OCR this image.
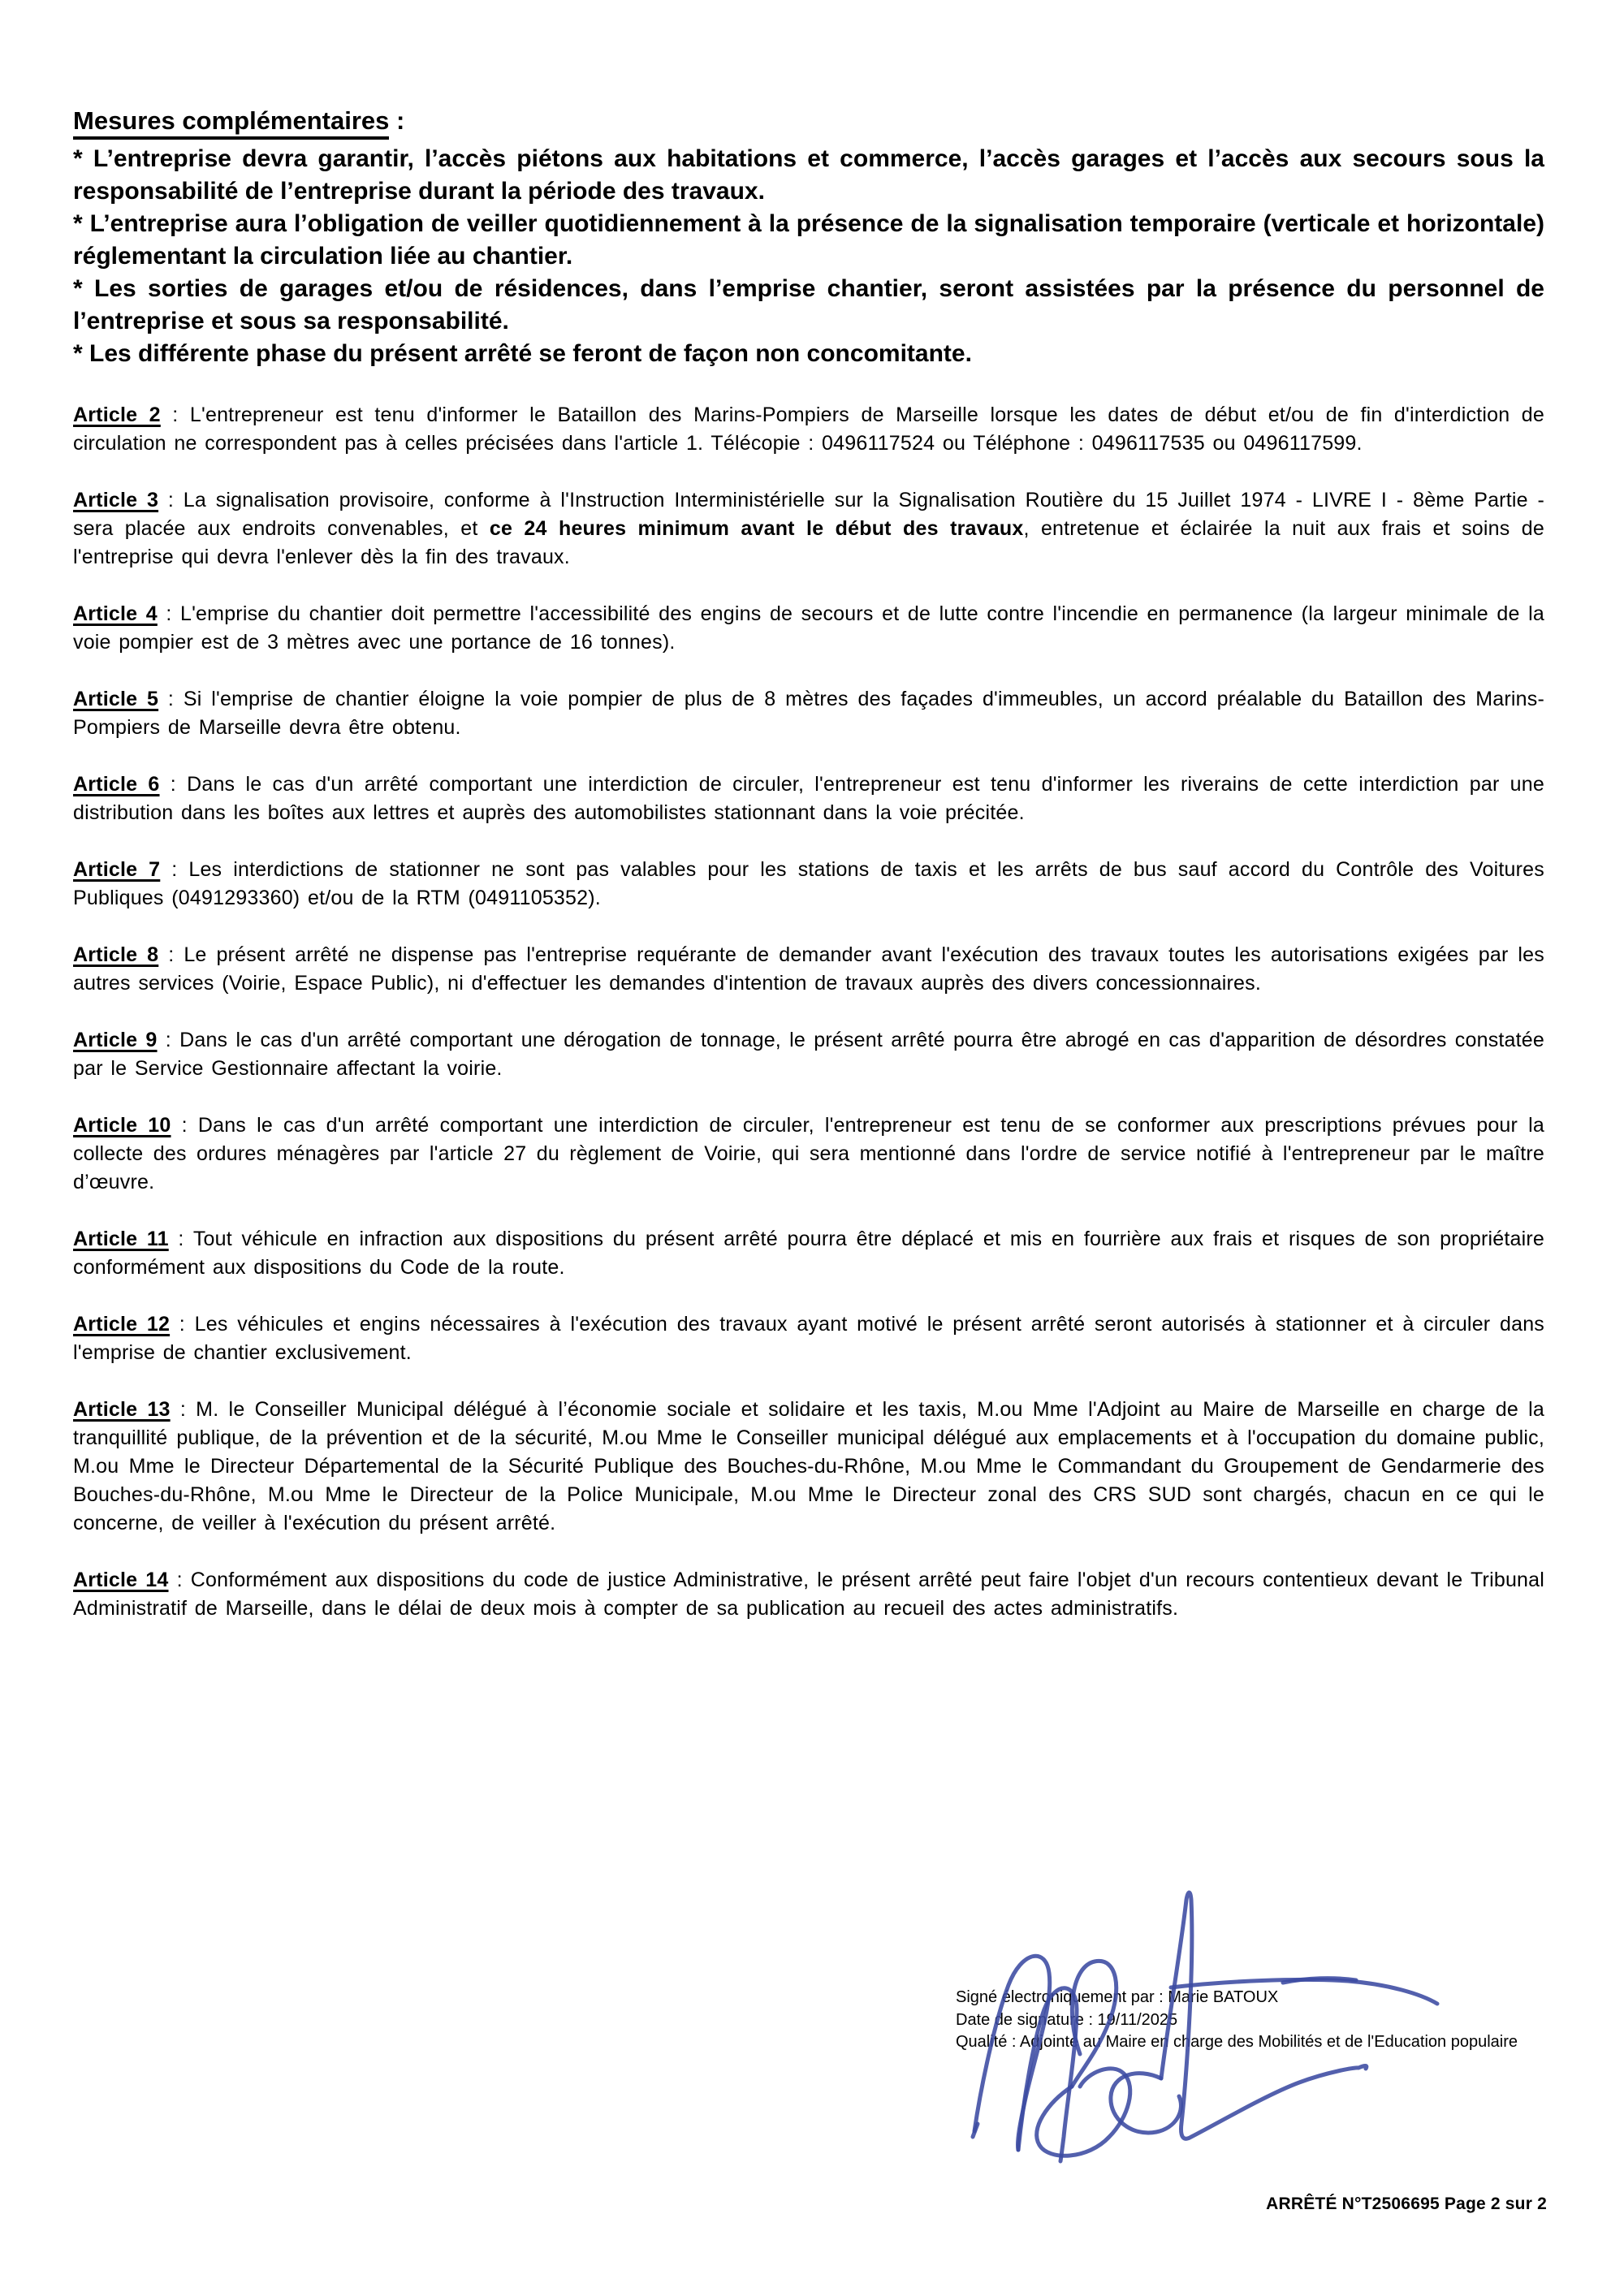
Mesures complémentaires :

* L’entreprise devra garantir, l’accès piétons aux habitations et commerce, l’accès garages et l’accès aux secours sous la responsabilité de l’entreprise durant la période des travaux.

* L’entreprise aura l’obligation de veiller quotidiennement à la présence de la signalisation temporaire (verticale et horizontale) réglementant la circulation liée au chantier.

* Les sorties de garages et/ou de résidences, dans l’emprise chantier, seront assistées par la présence du personnel de l’entreprise et sous sa responsabilité.

* Les différente phase du présent arrêté se feront de façon non concomitante.

Article 2 : L'entrepreneur est tenu d'informer le Bataillon des Marins-Pompiers de Marseille lorsque les dates de début et/ou de fin d'interdiction de circulation ne correspondent pas à celles précisées dans l'article 1. Télécopie : 0496117524 ou Téléphone : 0496117535 ou 0496117599.

Article 3 : La signalisation provisoire, conforme à l'Instruction Interministérielle sur la Signalisation Routière du 15 Juillet 1974 - LIVRE I - 8ème Partie - sera placée aux endroits convenables, et ce 24 heures minimum avant le début des travaux, entretenue et éclairée la nuit aux frais et soins de l'entreprise qui devra l'enlever dès la fin des travaux.

Article 4 : L'emprise du chantier doit permettre l'accessibilité des engins de secours et de lutte contre l'incendie en permanence (la largeur minimale de la voie pompier est de 3 mètres avec une portance de 16 tonnes).

Article 5 : Si l'emprise de chantier éloigne la voie pompier de plus de 8 mètres des façades d'immeubles, un accord préalable du Bataillon des Marins-Pompiers de Marseille devra être obtenu.

Article 6 : Dans le cas d'un arrêté comportant une interdiction de circuler, l'entrepreneur est tenu d'informer les riverains de cette interdiction par une distribution dans les boîtes aux lettres et auprès des automobilistes stationnant dans la voie précitée.

Article 7 : Les interdictions de stationner ne sont pas valables pour les stations de taxis et les arrêts de bus sauf accord du Contrôle des Voitures Publiques (0491293360) et/ou de la RTM (0491105352).

Article 8 : Le présent arrêté ne dispense pas l'entreprise requérante de demander avant l'exécution des travaux toutes les autorisations exigées par les autres services (Voirie, Espace Public), ni d'effectuer les demandes d'intention de travaux auprès des divers concessionnaires.

Article 9 : Dans le cas d'un arrêté comportant une dérogation de tonnage, le présent arrêté pourra être abrogé en cas d'apparition de désordres constatée par le Service Gestionnaire affectant la voirie.

Article 10 : Dans le cas d'un arrêté comportant une interdiction de circuler, l'entrepreneur est tenu de se conformer aux prescriptions prévues pour la collecte des ordures ménagères par l'article 27 du règlement de Voirie, qui sera mentionné dans l'ordre de service notifié à l'entrepreneur par le maître d’œuvre.

Article 11 : Tout véhicule en infraction aux dispositions du présent arrêté pourra être déplacé et mis en fourrière aux frais et risques de son propriétaire conformément aux dispositions du Code de la route.

Article 12 : Les véhicules et engins nécessaires à l'exécution des travaux ayant motivé le présent arrêté seront autorisés à stationner et à circuler dans l'emprise de chantier exclusivement.

Article 13 : M. le Conseiller Municipal délégué à l’économie sociale et solidaire et les taxis, M.ou Mme l'Adjoint au Maire de Marseille en charge de la tranquillité publique, de la prévention et de la sécurité, M.ou Mme le Conseiller municipal délégué aux emplacements et à l'occupation du domaine public, M.ou Mme le Directeur Départemental de la Sécurité Publique des Bouches-du-Rhône, M.ou Mme le Commandant du Groupement de Gendarmerie des Bouches-du-Rhône, M.ou Mme le Directeur de la Police Municipale, M.ou Mme le Directeur zonal des CRS SUD sont chargés, chacun en ce qui le concerne, de veiller à l'exécution du présent arrêté.

Article 14 : Conformément aux dispositions du code de justice Administrative, le présent arrêté peut faire l'objet d'un recours contentieux devant le Tribunal Administratif de Marseille, dans le délai de deux mois à compter de sa publication au recueil des actes administratifs.

Signé électroniquement par : Marie BATOUX
Date de signature : 19/11/2025
Qualité : Adjointe au Maire en charge des Mobilités et de l'Education populaire
ARRÊTÉ N°T2506695 Page 2 sur 2
